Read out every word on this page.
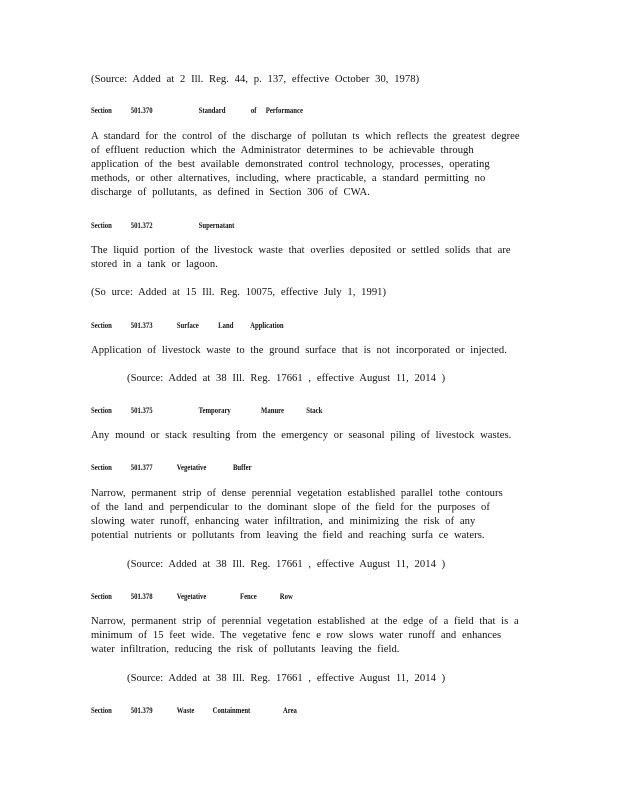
(Source: Added at 2 Ill. Reg. 44, p. 137, effective October 30, 1978)
Section 501.370	Standard	of Performance
A standard for the control of the discharge of pollutan ts which reflects the greatest degree
of effluent reduction which the Administrator determines to be achievable through
application of the best available demonstrated control technology, processes, operating
methods, or other alternatives, including, where practicable, a standard permitting no
discharge of pollutants, as defined in Section 306 of CWA.
Section 501.372	Supernatant
The liquid portion of the livestock waste that overlies deposited or settled solids that are
stored in a tank or lagoon.
(So urce: Added at 15 Ill. Reg. 10075, effective July 1, 1991)
Section 501.373	Surface Land Application
Application of livestock waste to the ground surface that is not incorporated or injected.
(Source: Added at 38 Ill. Reg. 17661 , effective August 11, 2014 )
Section 501.375	Temporary	Manure	Stack
Any mound or stack resulting from the emergency or seasonal piling of livestock wastes.
Section 501.377	Vegetative	Buffer
Narrow, permanent strip of dense perennial vegetation established parallel tothe contours
of the land and perpendicular to the dominant slope of the field for the purposes of
slowing water runoff, enhancing water infiltration, and minimizing the risk of any
potential nutrients or pollutants from leaving the field and reaching surfa ce waters.
(Source: Added at 38 Ill. Reg. 17661 , effective August 11, 2014 )
Section 501.378	Vegetative	Fence	Row
Narrow, permanent strip of perennial vegetation established at the edge of a field that is a
minimum of 15 feet wide. The vegetative fenc e row slows water runoff and enhances
water infiltration, reducing the risk of pollutants leaving the field.
(Source: Added at 38 Ill. Reg. 17661 , effective August 11, 2014 )
Section 501.379	Waste Containment	Area
